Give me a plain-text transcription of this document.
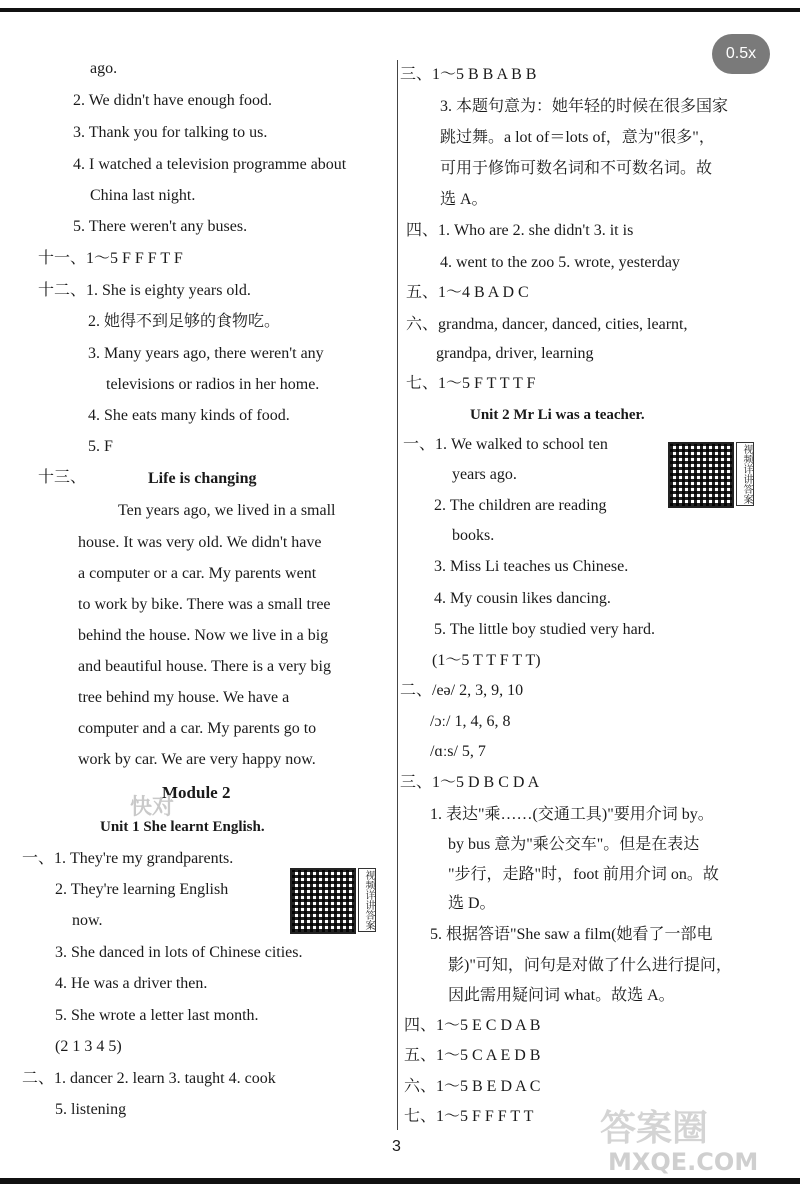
0.5x
ago.
2. We didn't have enough food.
3. Thank you for talking to us.
4. I watched a television programme about
China last night.
5. There weren't any buses.
十一、1～5 F F F T F
十二、1. She is eighty years old.
2. 她得不到足够的食物吃。
3. Many years ago, there weren't any
televisions or radios in her home.
4. She eats many kinds of food.
5. F
十三、	Life is changing
Ten years ago, we lived in a small
house. It was very old. We didn't have
a computer or a car. My parents went
to work by bike. There was a small tree
behind the house. Now we live in a big
and beautiful house. There is a very big
tree behind my house. We have a
computer and a car. My parents go to
work by car. We are very happy now.
Module 2
Unit 1 She learnt English.
一、1. They're my grandparents.
2. They're learning English
now.
3. She danced in lots of Chinese cities.
4. He was a driver then.
5. She wrote a letter last month.
(2 1 3 4 5)
二、1. dancer 2. learn 3. taught 4. cook
5. listening
视频详讲答案
三、1～5 B B A B B
3. 本题句意为：她年轻的时候在很多国家
跳过舞。a lot of＝lots of，意为"很多"，
可用于修饰可数名词和不可数名词。故
选 A。
四、1. Who are 2. she didn't 3. it is
4. went to the zoo 5. wrote, yesterday
五、1～4 B A D C
六、grandma, dancer, danced, cities, learnt,
grandpa, driver, learning
七、1～5 F T T T F
Unit 2 Mr Li was a teacher.
一、1. We walked to school ten
years ago.
2. The children are reading
books.
3. Miss Li teaches us Chinese.
4. My cousin likes dancing.
5. The little boy studied very hard.
(1～5 T T F T T)
二、/eə/ 2, 3, 9, 10
/ɔː/ 1, 4, 6, 8
/ɑːs/ 5, 7
三、1～5 D B C D A
1. 表达"乘……(交通工具)"要用介词 by。
by bus 意为"乘公交车"。但是在表达
"步行，走路"时，foot 前用介词 on。故
选 D。
5. 根据答语"She saw a film(她看了一部电
影)"可知，问句是对做了什么进行提问，
因此需用疑问词 what。故选 A。
四、1～5 E C D A B
五、1～5 C A E D B
六、1～5 B E D A C
七、1～5 F F F T T
视频详讲答案
快对
答案圈
MXQE.COM
3
